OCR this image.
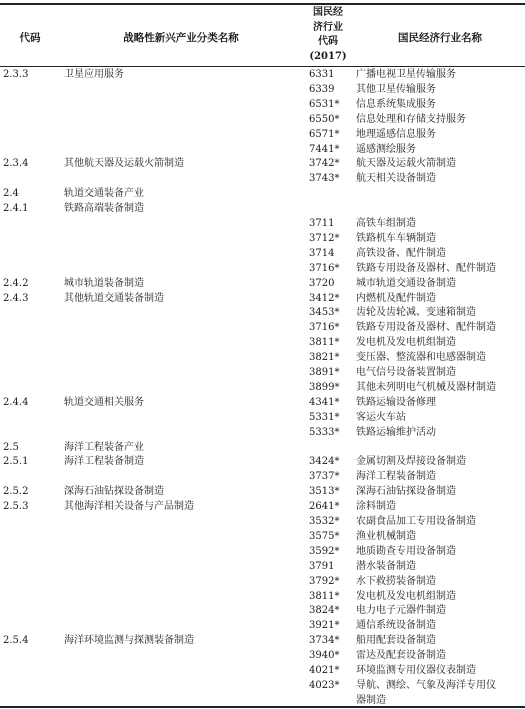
代码	战略性新兴产业分类名称
国民经
济行业
代码
(2017)
国民经济行业名称
2.3.3	卫星应用服务	6331 广播电视卫星传输服务
6339 其他卫星传输服务
6531* 信息系统集成服务
6550* 信息处理和存储支持服务
6571* 地理遥感信息服务
7441* 遥感测绘服务
2.3.4	其他航天器及运载火箭制造	3742* 航天器及运载火箭制造
3743* 航天相关设备制造
2.4	轨道交通装备产业
2.4.1	铁路高端装备制造
3711 高铁车组制造
3712* 铁路机车车辆制造
3714 高铁设备、配件制造
3716* 铁路专用设备及器材、配件制造
2.4.2	城市轨道装备制造	3720 城市轨道交通设备制造
2.4.3	其他轨道交通装备制造	3412* 内燃机及配件制造
3453* 齿轮及齿轮减、变速箱制造
3716* 铁路专用设备及器材、配件制造
3811* 发电机及发电机组制造
3821* 变压器、整流器和电感器制造
3891* 电气信号设备装置制造
3899* 其他未列明电气机械及器材制造
2.4.4	轨道交通相关服务	4341* 铁路运输设备修理
5331* 客运火车站
5333* 铁路运输维护活动
2.5	海洋工程装备产业
2.5.1	海洋工程装备制造	3424* 金属切割及焊接设备制造
3737* 海洋工程装备制造
2.5.2	深海石油钻探设备制造	3513* 深海石油钻探设备制造
2.5.3	其他海洋相关设备与产品制造	2641* 涂料制造
3532* 农副食品加工专用设备制造
3575* 渔业机械制造
3592* 地质勘查专用设备制造
3791 潜水装备制造
3792* 水下救捞装备制造
3811* 发电机及发电机组制造
3824* 电力电子元器件制造
3921* 通信系统设备制造
2.5.4	海洋环境监测与探测装备制造	3734* 船用配套设备制造
3940* 雷达及配套设备制造
4021* 环境监测专用仪器仪表制造
4023* 导航、测绘、气象及海洋专用仪
器制造
